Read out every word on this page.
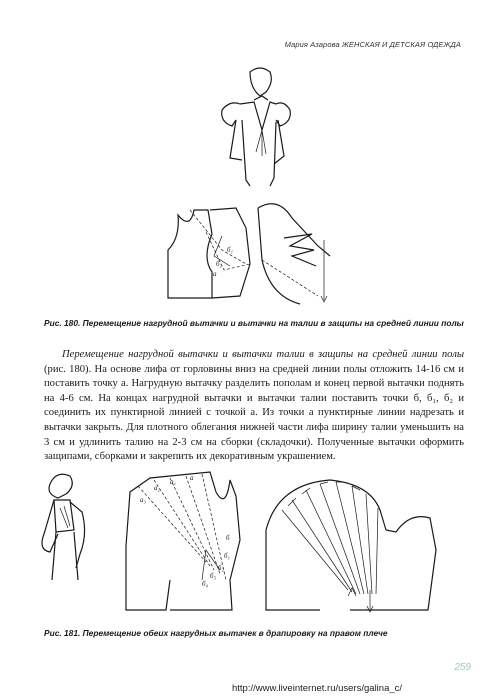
Мария Азарова ЖЕНСКАЯ И ДЕТСКАЯ ОДЕЖДА
б₁
б₂
а
Рис. 180. Перемещение нагрудной вытачки и вытачки на талии в защипы на средней линии полы

Перемещение нагрудной вытачки и вытачки талии в защипы на средней линии полы (рис. 180). На основе лифа от горловины вниз на средней линии полы отложить 14-16 см и поставить точку а. Нагрудную вытачку разделить пополам и конец первой вытачки поднять на 4-6 см. На концах нагрудной вытачки и вытачки талии поставить точки б, б₁, б₂ и соединить их пунктирной линией с точкой а. Из точки а пунктирные линии надрезать и вытачки закрыть. Для плотного облегания нижней части лифа ширину талии уменьшить на 3 см и удлинить талию на 2-3 см на сборки (складочки). Полученные вытачки оформить защипами, сборками и закрепить их декоративным украшением.

а₃
а₂
а₁ а
б
б₁
б₂
б₃
б₄
Рис. 181. Перемещение обеих нагрудных вытачек в драпировку на правом плече
259
http://www.liveinternet.ru/users/galina_c/
